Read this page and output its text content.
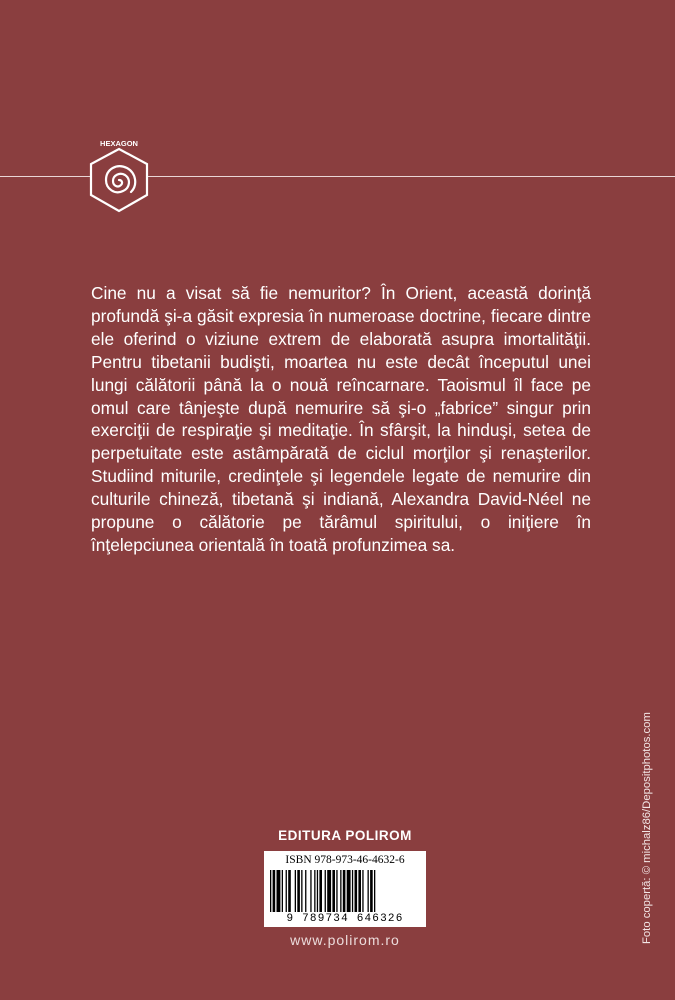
HEXAGON

Cine nu a visat să fie nemuritor? În Orient, această dorinţă profundă şi-a găsit expresia în numeroase doctrine, fiecare dintre ele oferind o viziune extrem de elaborată asupra imortalităţii. Pentru tibetanii budişti, moartea nu este decât începutul unei lungi călătorii până la o nouă reîncarnare. Taoismul îl face pe omul care tânjeşte după nemurire să şi-o „fabrice” singur prin exerciţii de respiraţie şi meditaţie. În sfârşit, la hinduşi, setea de perpetuitate este astâmpărată de ciclul morţilor şi renaşterilor. Studiind miturile, credinţele şi legendele legate de nemurire din culturile chineză, tibetană şi indiană, Alexandra David-Néel ne propune o călătorie pe tărâmul spiritului, o iniţiere în înţelepciunea orientală în toată profunzimea sa.

EDITURA POLIROM
ISBN 978-973-46-4632-6
9 789734 646326
www.polirom.ro	Foto copertă: © michalz86/Depositphotos.com
